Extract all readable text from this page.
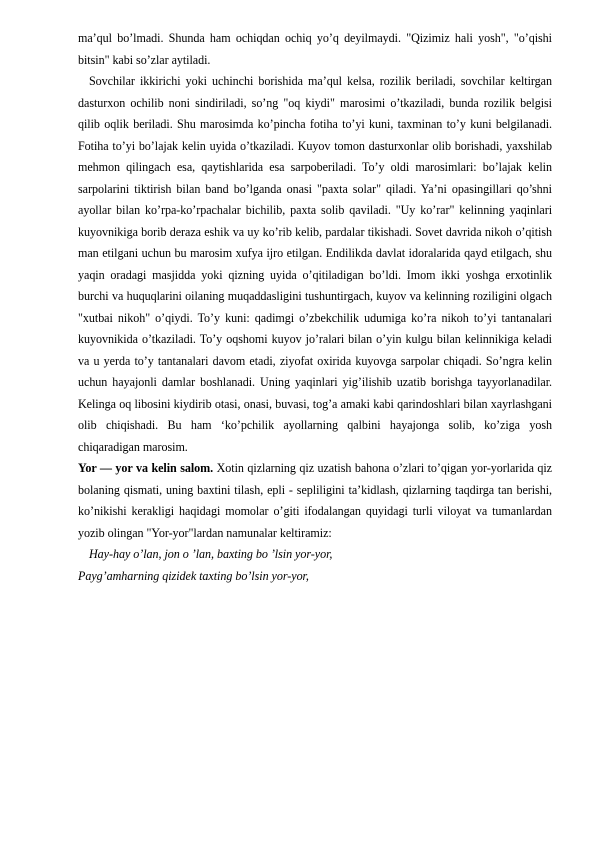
ma’qul bo’lmadi. Shunda ham ochiqdan ochiq yo’q deyilmaydi. "Qizimiz hali yosh", "o’qishi bitsin" kabi so’zlar aytiladi.

Sovchilar ikkirichi yoki uchinchi borishida ma’qul kelsa, rozilik beriladi, sovchilar keltirgan dasturxon ochilib noni sindiriladi, so’ng "oq kiydi" marosimi o’tkaziladi, bunda rozilik belgisi qilib oqlik beriladi. Shu marosimda ko’pincha fotiha to’yi kuni, taxminan to’y kuni belgilanadi. Fotiha to’yi bo’lajak kelin uyida o’tkaziladi. Kuyov tomon dasturxonlar olib borishadi, yaxshilab mehmon qilingach esa, qaytishlarida esa sarpoberiladi. To’y oldi marosimlari: bo’lajak kelin sarpolarini tiktirish bilan band bo’lganda onasi "paxta solar" qiladi. Ya’ni opasingillari qo’shni ayollar bilan ko’rpa-ko’rpachalar bichilib, paxta solib qaviladi. "Uy ko’rar" kelinning yaqinlari kuyovnikiga borib deraza eshik va uy ko’rib kelib, pardalar tikishadi. Sovet davrida nikoh o’qitish man etilgani uchun bu marosim xufya ijro etilgan. Endilikda davlat idoralarida qayd etilgach, shu yaqin oradagi masjidda yoki qizning uyida o’qitiladigan bo’ldi. Imom ikki yoshga erxotinlik burchi va huquqlarini oilaning muqaddasligini tushuntirgach, kuyov va kelinning roziligini olgach "xutbai nikoh" o’qiydi. To’y kuni: qadimgi o’zbekchilik udumiga ko’ra nikoh to’yi tantanalari kuyovnikida o’tkaziladi. To’y oqshomi kuyov jo’ralari bilan o’yin kulgu bilan kelinnikiga keladi va u yerda to’y tantanalari davom etadi, ziyofat oxirida kuyovga sarpolar chiqadi. So’ngra kelin uchun hayajonli damlar boshlanadi. Uning yaqinlari yig’ilishib uzatib borishga tayyorlanadilar. Kelinga oq libosini kiydirib otasi, onasi, buvasi, tog’a amaki kabi qarindoshlari bilan xayrlashgani olib chiqishadi. Bu ham ‘ko’pchilik ayollarning qalbini hayajonga solib, ko’ziga yosh chiqaradigan marosim.

Yor — yor va kelin salom. Xotin qizlarning qiz uzatish bahona o’zlari to’qigan yor-yorlarida qiz bolaning qismati, uning baxtini tilash, epli - sepliligini ta’kidlash, qizlarning taqdirga tan berishi, ko’nikishi kerakligi haqidagi momolar o’giti ifodalangan quyidagi turli viloyat va tumanlardan yozib olingan "Yor-yor"lardan namunalar keltiramiz:

Hay-hay o’lan, jon o ’lan, baxting bo ’lsin yor-yor,

Payg’amharning qizidek taxting bo’lsin yor-yor,
